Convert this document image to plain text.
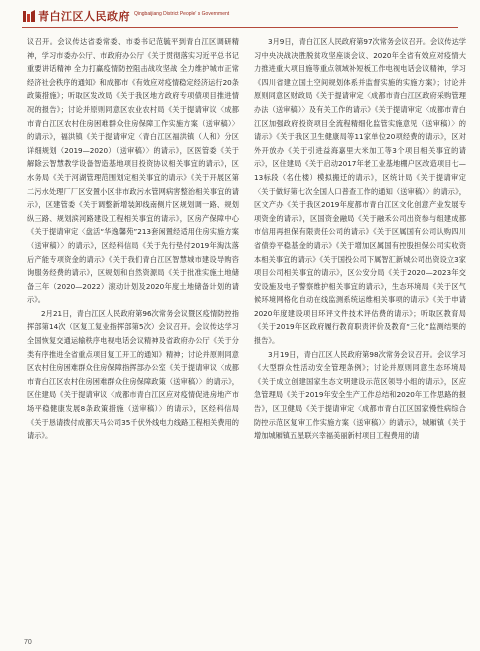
青白江区人民政府 Qingbaijiang District People' s Government

议召开。会议传达省委常委、市委书记范毓平到青白江区调研精神，学习市委办公厅、市政府办公厅《关于贯彻落实习近平总书记重要讲话精神 全力打赢疫情防控阻击战攻坚战 全力维护城市正常经济社会秩序的通知》和成都市《有效应对疫情稳定经济运行20条政策措施》；听取区发改局《关于我区地方政府专项债项目推进情况的报告》；讨论并原则同意区农业农村局《关于提请审议〈成都市青白江区农村住房困难群众住房保障工作实施方案（送审稿）〉的请示》，福洪镇《关于提请审定〈青白江区福洪镇（人和）分区详细规划（2019—2020）（送审稿）〉的请示》，区医管委《关于解除云智慧教学设备智造基地项目投资协议相关事宜的请示》，区水务局《关于河湖管理范围划定相关事宜的请示》《关于开展区第二污水处理厂厂区安置小区非市政污水管网病害整治相关事宜的请示》，区建管委《关于调整新增装卸线南侧片区规划调一路、规划纵三路、规划滨河路建设工程相关事宜的请示》，区房产保障中心《关于提请审定〈盘活“华逸馨苑”213套闲置经适用住房实施方案（送审稿）〉的请示》，区经科信局《关于先行垫付2019年淘汰落后产能专项资金的请示》《关于我们青白江区智慧城市建设导购咨询服务经费的请示》，区规划和自然资源局《关于批准实施土地储备三年（2020—2022）滚动计划及2020年度土地储备计划的请示》。

2月21日，青白江区人民政府第96次常务会议暨区疫情防控指挥部第14次（区复工复业指挥部第5次）会议召开。会议传达学习全国恢复交通运输秩序电视电话会议精神及省政府办公厅《关于分类有序推进全省重点项目复工开工的通知》精神；讨论并原则同意区农村住房困难群众住房保障指挥部办公室《关于提请审议〈成都市青白江区农村住房困难群众住房保障政策（送审稿）〉的请示》，区住建局《关于提请审议〈成都市青白江区应对疫情促进房地产市场平稳健康发展8条政策措施（送审稿）〉的请示》，区经科信局《关于恳请拨付成都天马公司35千伏外线电力线路工程相关费用的请示》。

3月9日，青白江区人民政府第97次常务会议召开。会议传达学习中央决战决胜脱贫攻坚座谈会议、2020年全省有效应对疫情大力推进重大项目施等重点领域补短板工作电视电话会议精神，学习《四川省建立国土空间规划体系并监督实施的实施方案》；讨论并原则同意区财政局《关于提请审定〈成都市青白江区政府采购管理办法（送审稿）〉及有关工作的请示》《关于提请审定〈成都市青白江区加强政府投资项目全流程精细化监管实施意见（送审稿）〉的请示》《关于我区卫生健康局等11家单位20项经费的请示》，区对外开放办《关于引进益海嘉里大米加工等3个项目相关事宜的请示》，区住建局《关于启动2017年老工业基地棚户区改造项目七—13标段（名仕楼）模拟搬迁的请示》，区统计局《关于提请审定〈关于做好第七次全国人口普查工作的通知（送审稿）〉的请示》，区文产办《关于我区2019年度都市青白江区文化创意产业发展专项资金的请示》，区国资金融局《关于融禾公司出资参与组建成都市信用再担保有限责任公司的请示》《关于区属国有公司认购四川省债券平稳基金的请示》《关于增加区属国有控股担保公司实收资本相关事宜的请示》《关于国投公司下属智汇新城公司出资设立3家项目公司相关事宜的请示》，区公安分局《关于2020—2023年交安设施及电子警察维护相关事宜的请示》，生态环境局《关于区气候环境网格化自动在线监测系统运维相关事项的请示》《关于申请2020年度建设项目环评文件技术评估费的请示》；听取区教育局《关于2019年区政府履行教育职责评价及教育“三化”监测结果的报告》。

3月19日，青白江区人民政府第98次常务会议召开。会议学习《大型群众性活动安全管理条例》；讨论并原则同意生态环境局《关于成立创建国家生态文明建设示范区领导小组的请示》，区应急管理局《关于2019年安全生产工作总结和2020年工作思路的报告》，区卫健局《关于提请审定〈成都市青白江区国家慢性病综合防控示范区复审工作实施方案（送审稿）〉的请示》，城厢镇《关于增加城厢镇五星联兴幸福美丽新村项目工程费用的请

70
